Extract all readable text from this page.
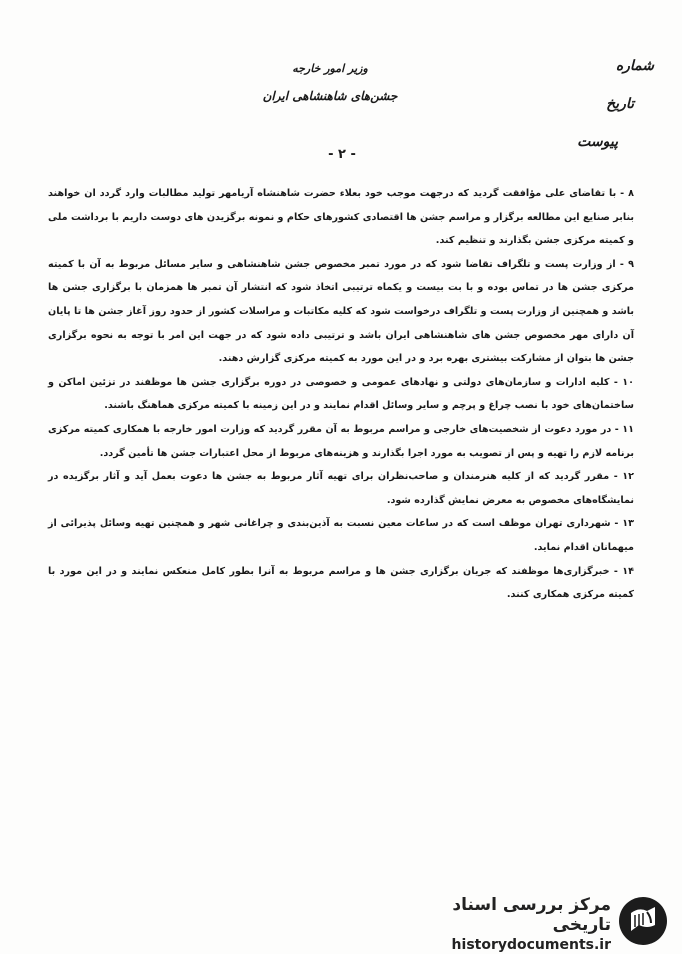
وزیر امور خارجه
جشن‌های شاهنشاهی ایران
شماره
تاریخ
پیوست
- ۲ -

۸ - با تقاضای علی مؤافقت گردید که درجهت موجب خود بعلاء حضرت شاهنشاه آریامهر تولید مطالبات وارد گردد ان خواهند بنابر صنایع این مطالعه برگزار و مراسم جشن ها اقتصادی کشورهای حکام و نمونه برگزیدن های دوست داریم با برداشت ملی و کمیته مرکزی جشن بگذارند و تنظیم کند.

۹ - از وزارت پست و تلگراف تقاضا شود که در مورد تمبر مخصوص جشن شاهنشاهی و سایر مسائل مربوط به آن با کمیته مرکزی جشن ها در تماس بوده و با بت بیست و یکماه ترتیبی اتخاذ شود که انتشار آن تمبر ها همزمان با برگزاری جشن ها باشد و همچنین از وزارت پست و تلگراف درخواست شود که کلیه مکاتبات و مراسلات کشور از حدود روز آغاز جشن ها تا پایان آن دارای مهر مخصوص جشن های شاهنشاهی ایران باشد و ترتیبی داده شود که در جهت این امر با توجه به نحوه برگزاری جشن ها بتوان از مشارکت بیشتری بهره برد و در این مورد به کمیته مرکزی گزارش دهند.

۱۰ - کلیه ادارات و سازمان‌های دولتی و نهادهای عمومی و خصوصی در دوره برگزاری جشن ها موظفند در تزئین اماکن و ساختمان‌های خود با نصب چراغ و پرچم و سایر وسائل اقدام نمایند و در این زمینه با کمیته مرکزی هماهنگ باشند.

۱۱ - در مورد دعوت از شخصیت‌های خارجی و مراسم مربوط به آن مقرر گردید که وزارت امور خارجه با همکاری کمیته مرکزی برنامه لازم را تهیه و پس از تصویب به مورد اجرا بگذارند و هزینه‌های مربوط از محل اعتبارات جشن ها تأمین گردد.

۱۲ - مقرر گردید که از کلیه هنرمندان و صاحب‌نظران برای تهیه آثار مربوط به جشن ها دعوت بعمل آید و آثار برگزیده در نمایشگاه‌های مخصوص به معرض نمایش گذارده شود.

۱۳ - شهرداری تهران موظف است که در ساعات معین نسبت به آذین‌بندی و چراغانی شهر و همچنین تهیه وسائل پذیرائی از میهمانان اقدام نماید.

۱۴ - خبرگزاری‌ها موظفند که جریان برگزاری جشن ها و مراسم مربوط به آنرا بطور کامل منعکس نمایند و در این مورد با کمیته مرکزی همکاری کنند.

مرکز بررسی اسناد تاریخی
historydocuments.ir
